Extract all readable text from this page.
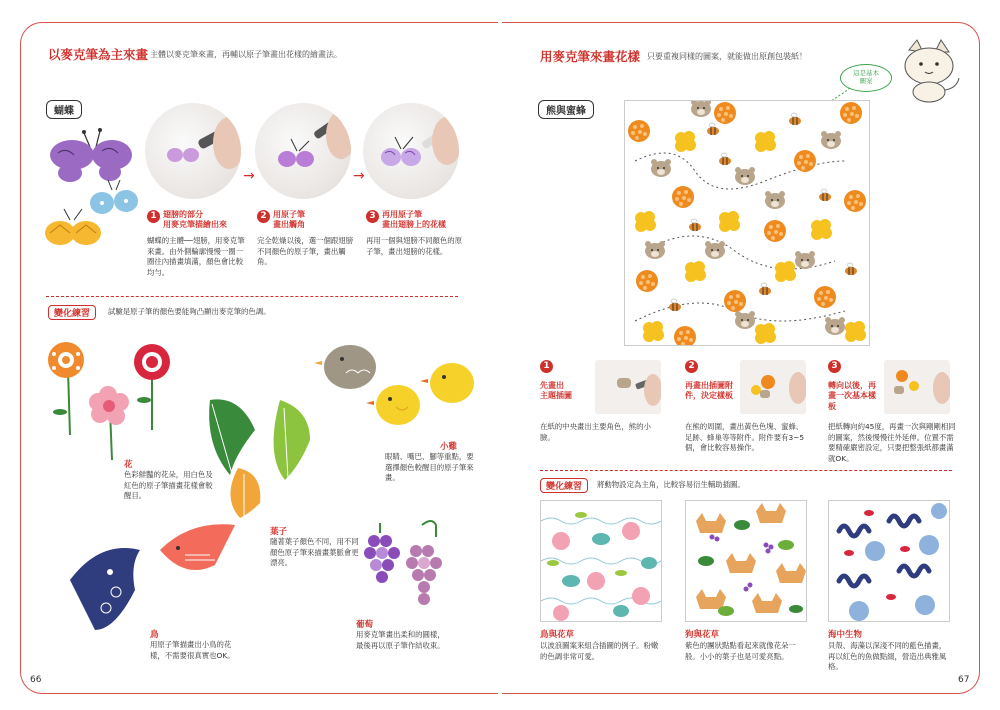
以麥克筆為主來畫 主體以麥克筆來畫，再輔以原子筆畫出花樣的繪畫法。
蝴蝶
→	→
1 翅膀的部分
用麥克筆描繪出來
2 用原子筆
畫出觸角
3 再用原子筆
畫出翅膀上的花樣
蝴蝶的主體──翅膀，用麥克筆來畫。由外側輪廓慢慢一圈一圈往內描畫填滿，顏色會比較均勻。
完全乾燥以後，選一個跟翅膀不同顏色的原子筆，畫出觸角。
再用一個與翅膀不同顏色的原子筆，畫出翅膀的花樣。
變化練習	試驗是原子筆的顏色要能夠凸顯出麥克筆的色調。
花
色彩鮮豔的花朵，用白色及紅色的原子筆描畫花樣會較醒目。
葉子
隨著葉子顏色不同，用不同顏色原子筆來描畫葉脈會更漂亮。
小雞
眼睛、嘴巴、腳等重點，要選擇顏色較醒目的原子筆來畫。
鳥
用原子筆描畫出小鳥的花樣，不需要很真實也OK。
葡萄
用麥克筆畫出柔和的圓樣，最後再以原子筆作結收束。
66
用麥克筆來畫花樣 只要重複同樣的圖案，就能做出原創包裝紙！
這是基本
圖案
熊與蜜蜂
1
先畫出
主題插圖
在紙的中央畫出主要角色，熊的小臉。
2
再畫出插圖附件，決定樣板
在熊的周圍，畫出黃色色塊、蜜蜂、足跡、蜂巢等等附件。附件要有3~5個，會比較容易操作。
3
轉向以後，再畫一次基本樣板
把紙轉向約45度，再畫一次與剛剛相同的圖案，然後慢慢往外延伸。位置不需要精確嚴密設定，只要把整張紙都畫滿就OK。
變化練習	將動物設定為主角，比較容易衍生輔助插圖。
鳥與花草
以波浪圖案來組合插圖的例子。粉嫩的色調非常可愛。
狗與花草
紫色的團狀點點看起來就像花朵一般。小小的葉子也是可愛亮點。
海中生物
貝殼、海藻以深淺不同的藍色描畫，再以紅色的魚做點綴，營造出典雅風格。
67
